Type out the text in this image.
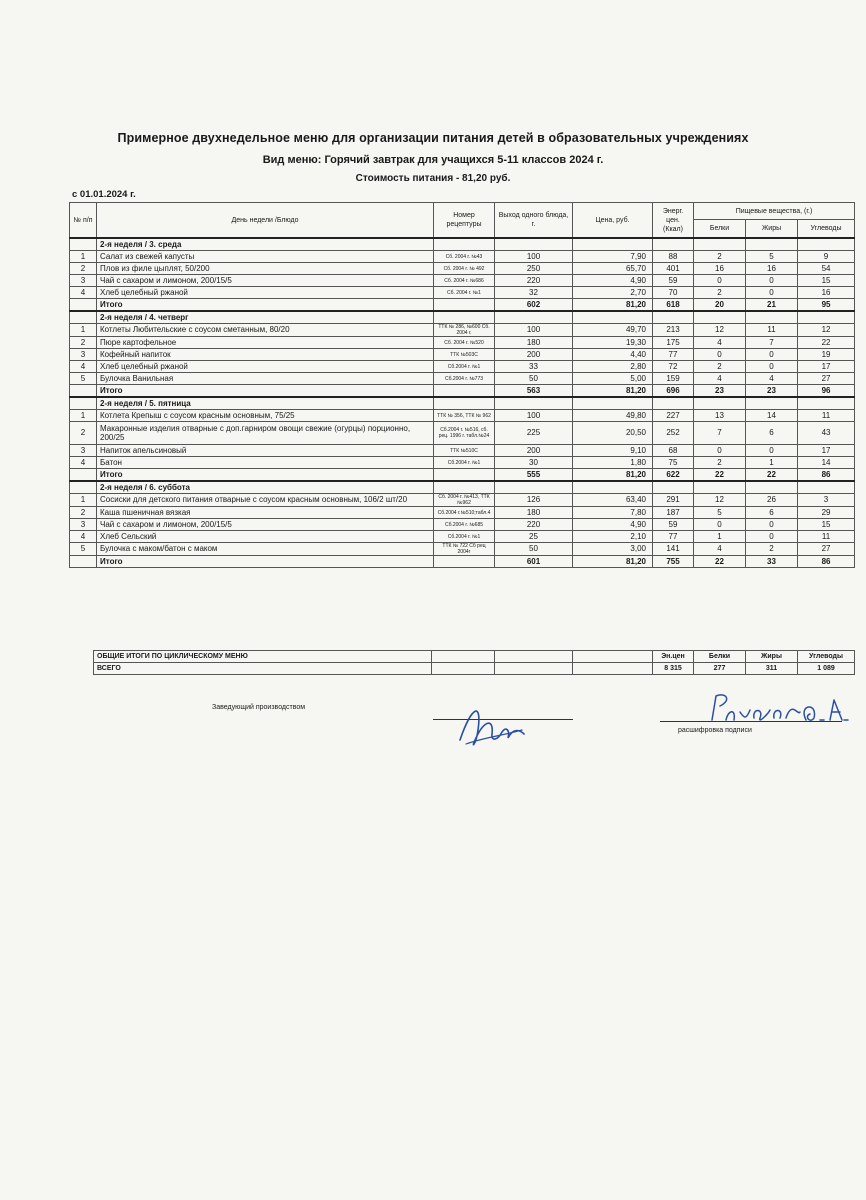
Примерное двухнедельное меню для организации питания детей в образовательных учреждениях
Вид меню: Горячий завтрак для учащихся 5-11 классов 2024 г.
Стоимость питания - 81,20 руб.
с 01.01.2024 г.
№ п/п	День недели /Блюдо	Номер рецептуры	Выход одного блюда, г.	Цена, руб.	Энерг. цен. (Ккал)	Пищевые вещества, (г.)		
						Белки	Жиры	Углеводы
	2-я неделя / 3. среда							
1	Салат из свежей капусты	Сб. 2004 г. №43	100	7,90	88	2	5	9
2	Плов из филе цыплят, 50/200	Сб. 2004 г. № 492	250	65,70	401	16	16	54
3	Чай с сахаром и лимоном, 200/15/5	Сб. 2004 г. №686	220	4,90	59	0	0	15
4	Хлеб целебный ржаной	Сб. 2004 г. №1	32	2,70	70	2	0	16
	Итого		602	81,20	618	20	21	95
	2-я неделя / 4. четверг							
1	Котлеты Любительские с соусом сметанным, 80/20	ТТК № 286, №600 Сб. 2004 г.	100	49,70	213	12	11	12
2	Пюре картофельное	Сб. 2004 г. №520	180	19,30	175	4	7	22
3	Кофейный напиток	ТТК №503С	200	4,40	77	0	0	19
4	Хлеб целебный ржаной	Сб.2004 г. №1	33	2,80	72	2	0	17
5	Булочка Ванильная	Сб.2004 г. №773	50	5,00	159	4	4	27
	Итого		563	81,20	696	23	23	96
	2-я неделя / 5. пятница							
1	Котлета Крепыш с соусом красным основным, 75/25	ТТК № 356, ТТК № 962	100	49,80	227	13	14	11
2	Макаронные изделия отварные с доп.гарниром овощи свежие (огурцы) порционно, 200/25	Сб.2004 г. №516, сб. рец. 1996 г. табл.№24	225	20,50	252	7	6	43
3	Напиток апельсиновый	ТТК №510С	200	9,10	68	0	0	17
4	Батон	Сб.2004 г. №1	30	1,80	75	2	1	14
	Итого		555	81,20	622	22	22	86
	2-я неделя / 6. суббота							
1	Сосиски для детского питания отварные с соусом красным основным, 106/2 шт/20	Сб. 2004 г. №413, ТТК №962	126	63,40	291	12	26	3
2	Каша пшеничная вязкая	Сб.2004 г.№510;табл.4	180	7,80	187	5	6	29
3	Чай с сахаром и лимоном, 200/15/5	Сб.2004 г. №685	220	4,90	59	0	0	15
4	Хлеб Сельский	Сб.2004 г. №1	25	2,10	77	1	0	11
5	Булочка с маком/батон с маком	ТТК № 722 Сб рец 2004г	50	3,00	141	4	2	27
	Итого		601	81,20	755	22	33	86
ОБЩИЕ ИТОГИ ПО ЦИКЛИЧЕСКОМУ МЕНЮ				Эн.цен	Белки	Жиры	Углеводы
ВСЕГО				8 315	277	311	1 089
Заведующий производством
расшифровка подписи
